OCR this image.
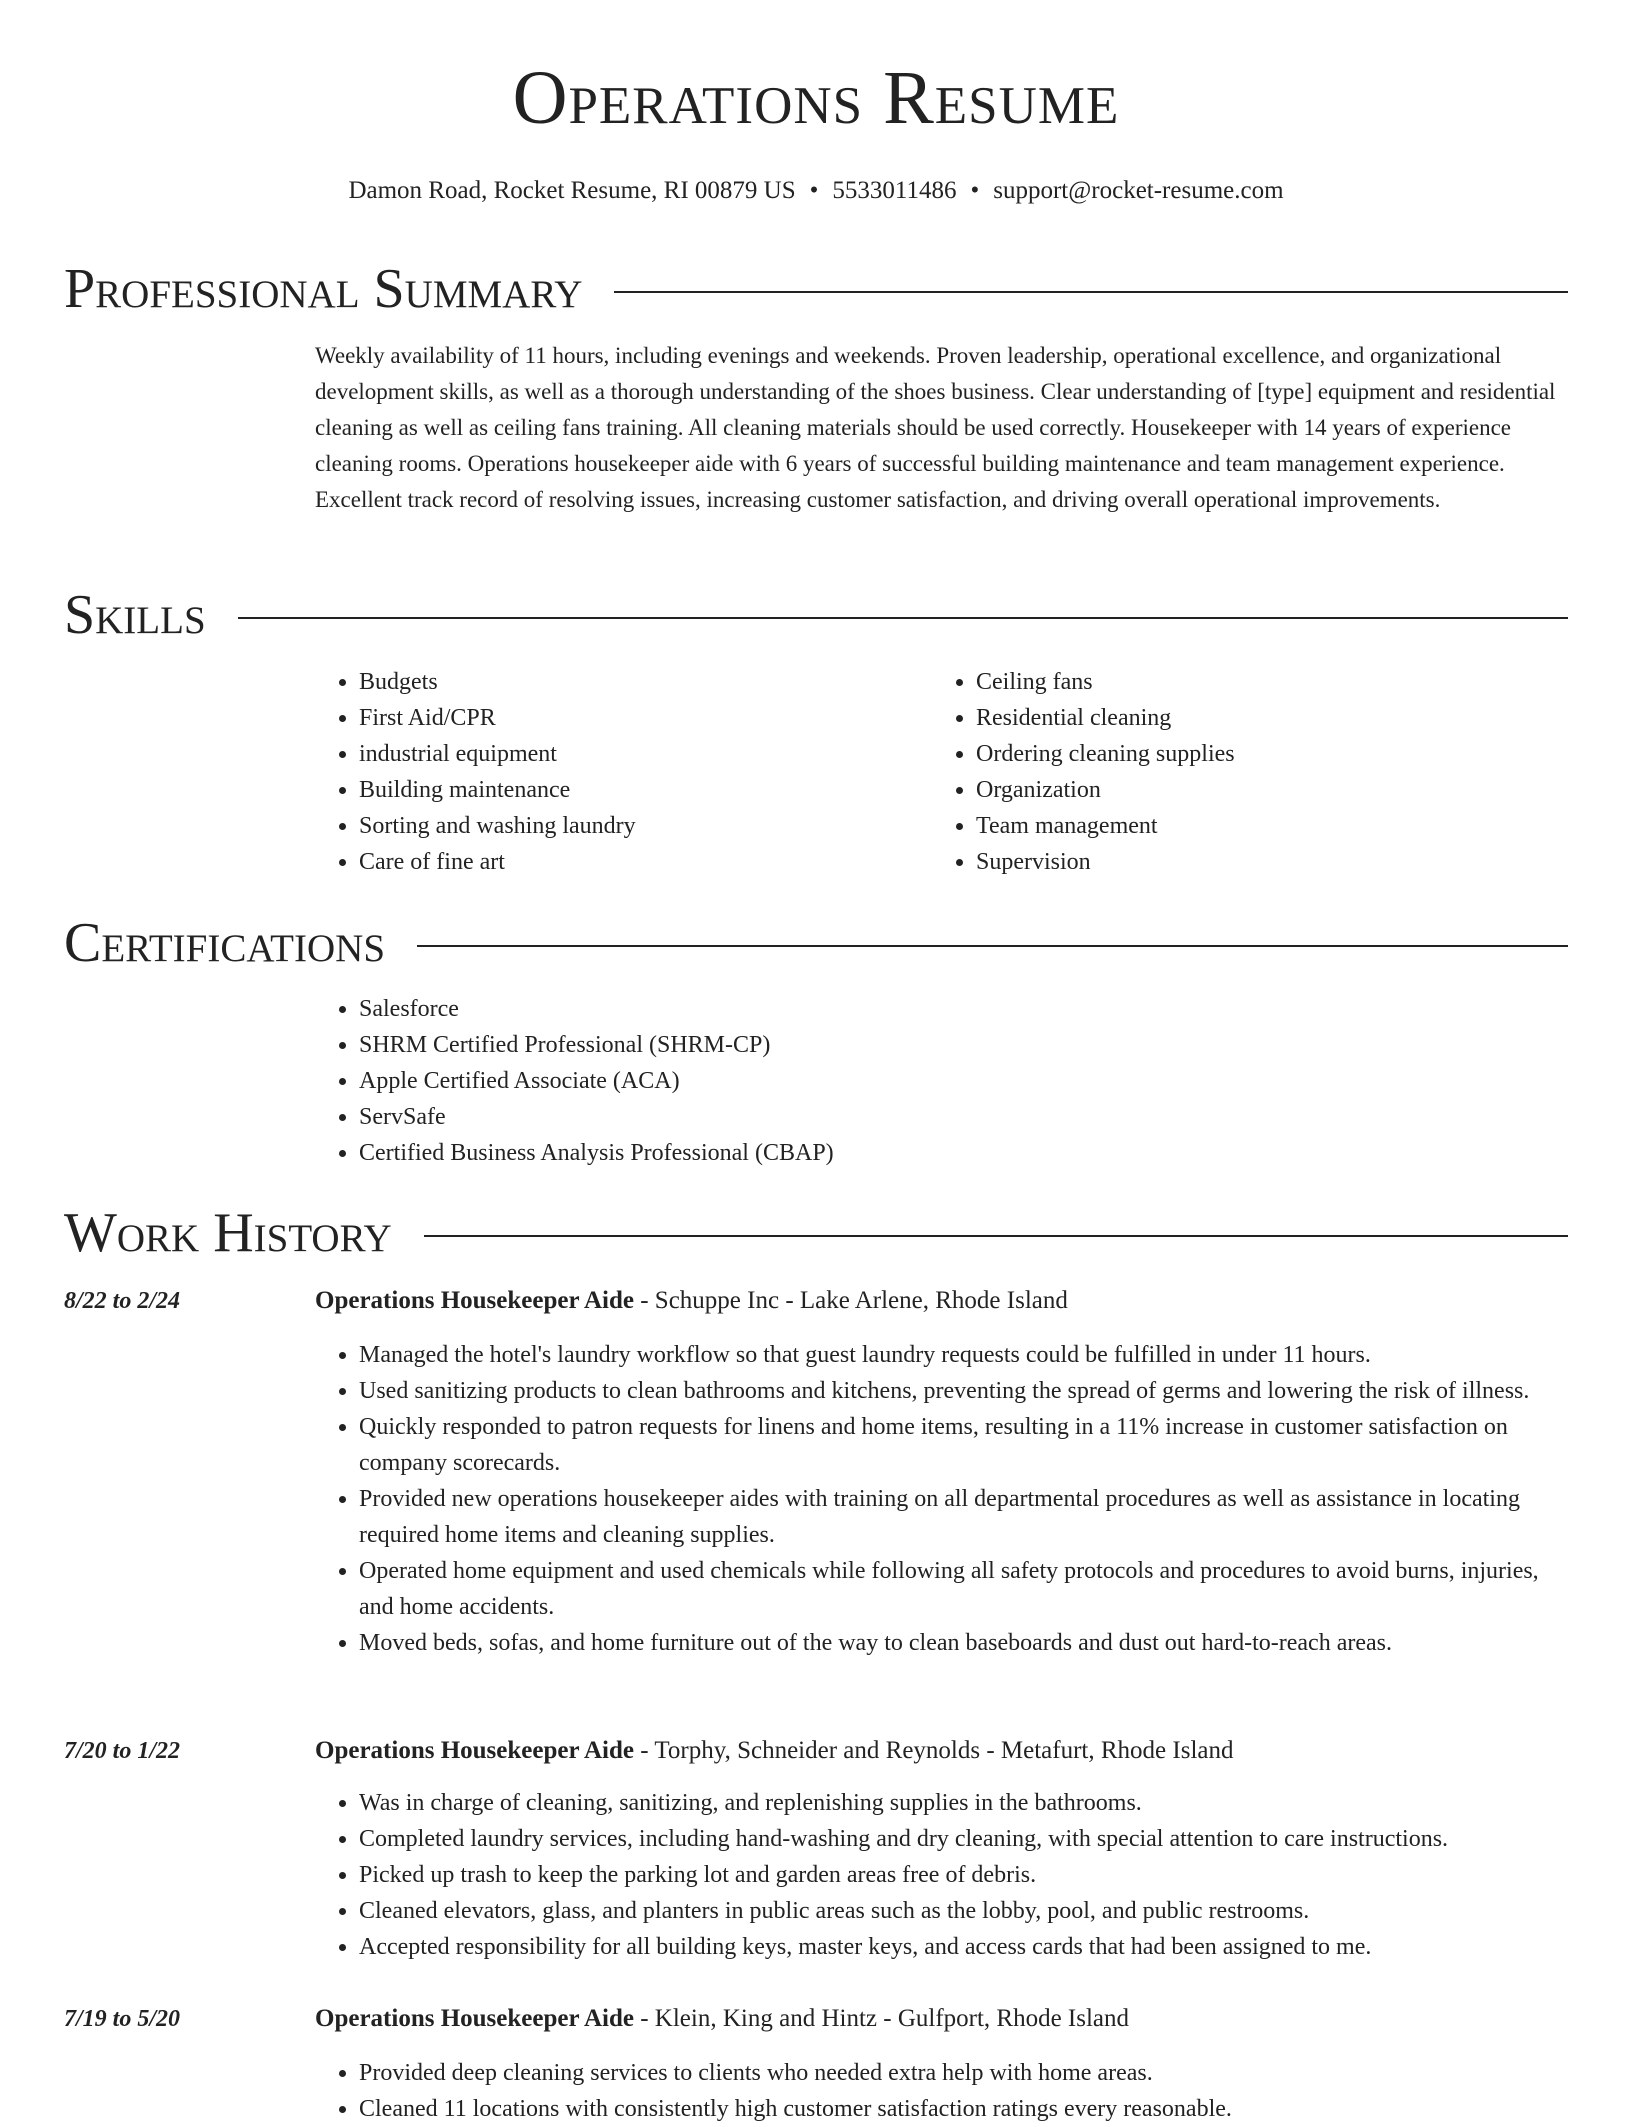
Operations Resume
Damon Road, Rocket Resume, RI 00879 US • 5533011486 • support@rocket-resume.com
Professional Summary

Weekly availability of 11 hours, including evenings and weekends. Proven leadership, operational excellence, and organizational development skills, as well as a thorough understanding of the shoes business. Clear understanding of [type] equipment and residential cleaning as well as ceiling fans training. All cleaning materials should be used correctly. Housekeeper with 14 years of experience cleaning rooms. Operations housekeeper aide with 6 years of successful building maintenance and team management experience. Excellent track record of resolving issues, increasing customer satisfaction, and driving overall operational improvements.

Skills
• Budgets
• First Aid/CPR
• industrial equipment
• Building maintenance
• Sorting and washing laundry
• Care of fine art
• Ceiling fans
• Residential cleaning
• Ordering cleaning supplies
• Organization
• Team management
• Supervision
Certifications
• Salesforce
• SHRM Certified Professional (SHRM-CP)
• Apple Certified Associate (ACA)
• ServSafe
• Certified Business Analysis Professional (CBAP)
Work History
8/22 to 2/24	Operations Housekeeper Aide - Schuppe Inc - Lake Arlene, Rhode Island
• Managed the hotel's laundry workflow so that guest laundry requests could be fulfilled in under 11 hours.
• Used sanitizing products to clean bathrooms and kitchens, preventing the spread of germs and lowering the risk of illness.
• Quickly responded to patron requests for linens and home items, resulting in a 11% increase in customer satisfaction on company scorecards.
• Provided new operations housekeeper aides with training on all departmental procedures as well as assistance in locating required home items and cleaning supplies.
• Operated home equipment and used chemicals while following all safety protocols and procedures to avoid burns, injuries, and home accidents.
• Moved beds, sofas, and home furniture out of the way to clean baseboards and dust out hard-to-reach areas.
7/20 to 1/22	Operations Housekeeper Aide - Torphy, Schneider and Reynolds - Metafurt, Rhode Island
• Was in charge of cleaning, sanitizing, and replenishing supplies in the bathrooms.
• Completed laundry services, including hand-washing and dry cleaning, with special attention to care instructions.
• Picked up trash to keep the parking lot and garden areas free of debris.
• Cleaned elevators, glass, and planters in public areas such as the lobby, pool, and public restrooms.
• Accepted responsibility for all building keys, master keys, and access cards that had been assigned to me.
7/19 to 5/20	Operations Housekeeper Aide - Klein, King and Hintz - Gulfport, Rhode Island
• Provided deep cleaning services to clients who needed extra help with home areas.
• Cleaned 11 locations with consistently high customer satisfaction ratings every reasonable.
